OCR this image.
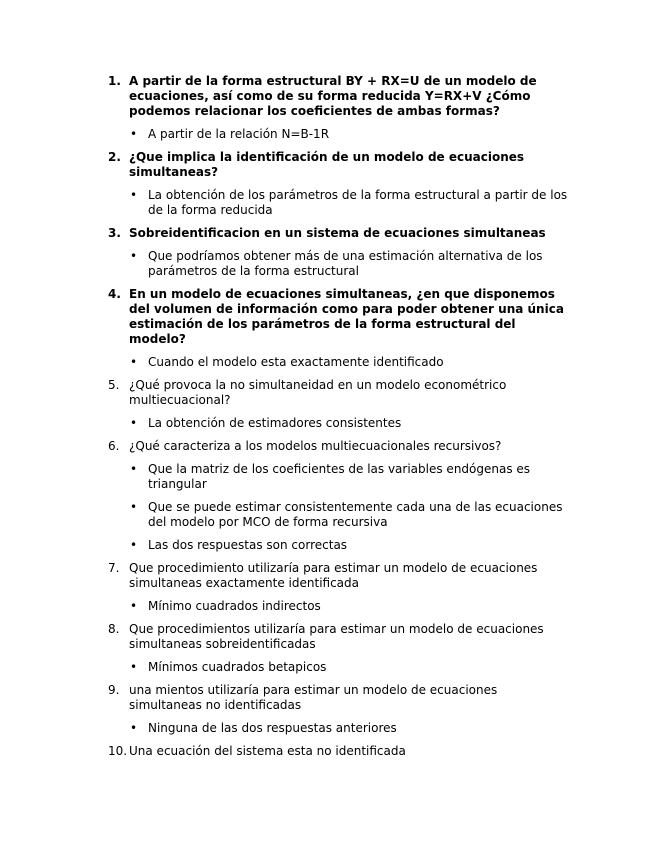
1. A partir de la forma estructural BY + RX=U de un modelo de ecuaciones, así como de su forma reducida Y=RX+V ¿Cómo podemos relacionar los coeficientes de ambas formas?
• A partir de la relación N=B-1R
2. ¿Que implica la identificación de un modelo de ecuaciones simultaneas?
• La obtención de los parámetros de la forma estructural a partir de los de la forma reducida
3. Sobreidentificacion en un sistema de ecuaciones simultaneas
• Que podríamos obtener más de una estimación alternativa de los parámetros de la forma estructural
4. En un modelo de ecuaciones simultaneas, ¿en que disponemos del volumen de información como para poder obtener una única estimación de los parámetros de la forma estructural del modelo?
• Cuando el modelo esta exactamente identificado
5. ¿Qué provoca la no simultaneidad en un modelo econométrico multiecuacional?
• La obtención de estimadores consistentes
6. ¿Qué caracteriza a los modelos multiecuacionales recursivos?
• Que la matriz de los coeficientes de las variables endógenas es triangular
• Que se puede estimar consistentemente cada una de las ecuaciones del modelo por MCO de forma recursiva
• Las dos respuestas son correctas
7. Que procedimiento utilizaría para estimar un modelo de ecuaciones simultaneas exactamente identificada
• Mínimo cuadrados indirectos
8. Que procedimientos utilizaría para estimar un modelo de ecuaciones simultaneas sobreidentificadas
• Mínimos cuadrados betapicos
9. una mientos utilizaría para estimar un modelo de ecuaciones simultaneas no identificadas
• Ninguna de las dos respuestas anteriores
10. Una ecuación del sistema esta no identificada
